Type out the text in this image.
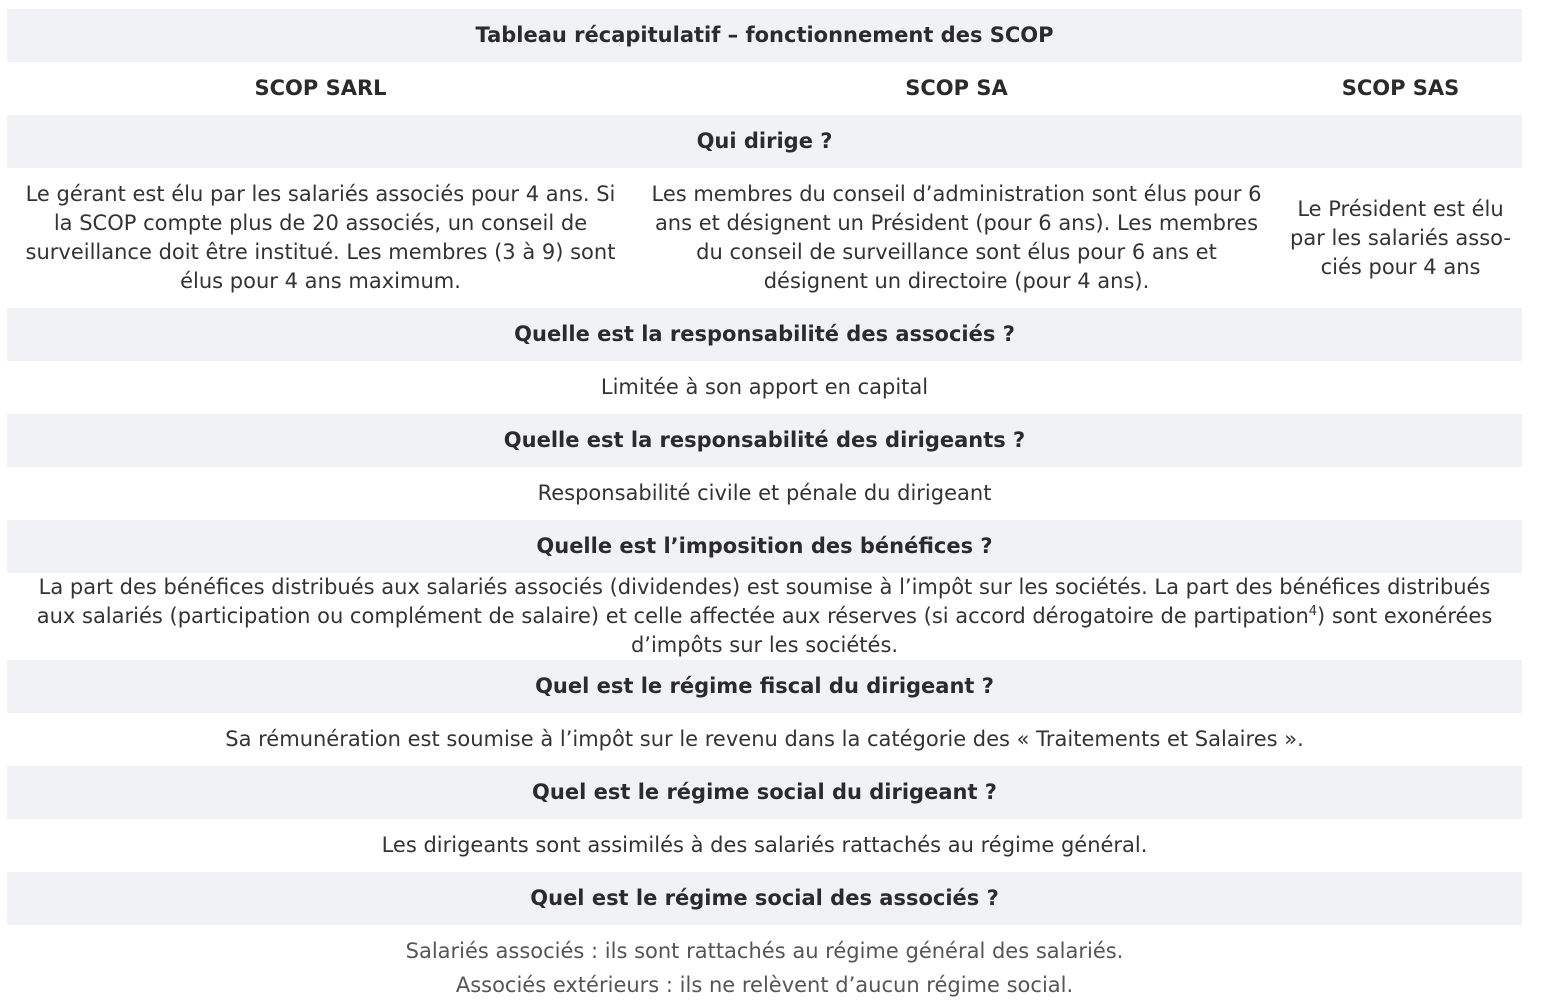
Tableau récapitulatif – fonctionnement des SCOP		
SCOP SARL	SCOP SA	SCOP SAS
Qui dirige ?		
Le gérant est élu par les salariés associés pour 4 ans. Si la SCOP compte plus de 20 associés, un conseil de surveillance doit être institué. Les membres (3 à 9) sont élus pour 4 ans maximum.	Les membres du conseil d’administration sont élus pour 6 ans et désignent un Président (pour 6 ans). Les membres du conseil de surveillance sont élus pour 6 ans et désignent un directoire (pour 4 ans).	Le Président est élu par les salariés asso-ciés pour 4 ans
Quelle est la responsabilité des associés ?		
Limitée à son apport en capital		
Quelle est la responsabilité des dirigeants ?		
Responsabilité civile et pénale du dirigeant		
Quelle est l’imposition des bénéfices ?		
La part des bénéfices distribués aux salariés associés (dividendes) est soumise à l’impôt sur les sociétés. La part des bénéfices distribués aux salariés (participation ou complément de salaire) et celle affectée aux réserves (si accord dérogatoire de partipation$^4$) sont exonérées d’impôts sur les sociétés.		
Quel est le régime fiscal du dirigeant ?		
Sa rémunération est soumise à l’impôt sur le revenu dans la catégorie des « Traitements et Salaires ».		
Quel est le régime social du dirigeant ?		
Les dirigeants sont assimilés à des salariés rattachés au régime général.		
Quel est le régime social des associés ?		
Salariés associés : ils sont rattachés au régime général des salariés.
Associés extérieurs : ils ne relèvent d’aucun régime social.
